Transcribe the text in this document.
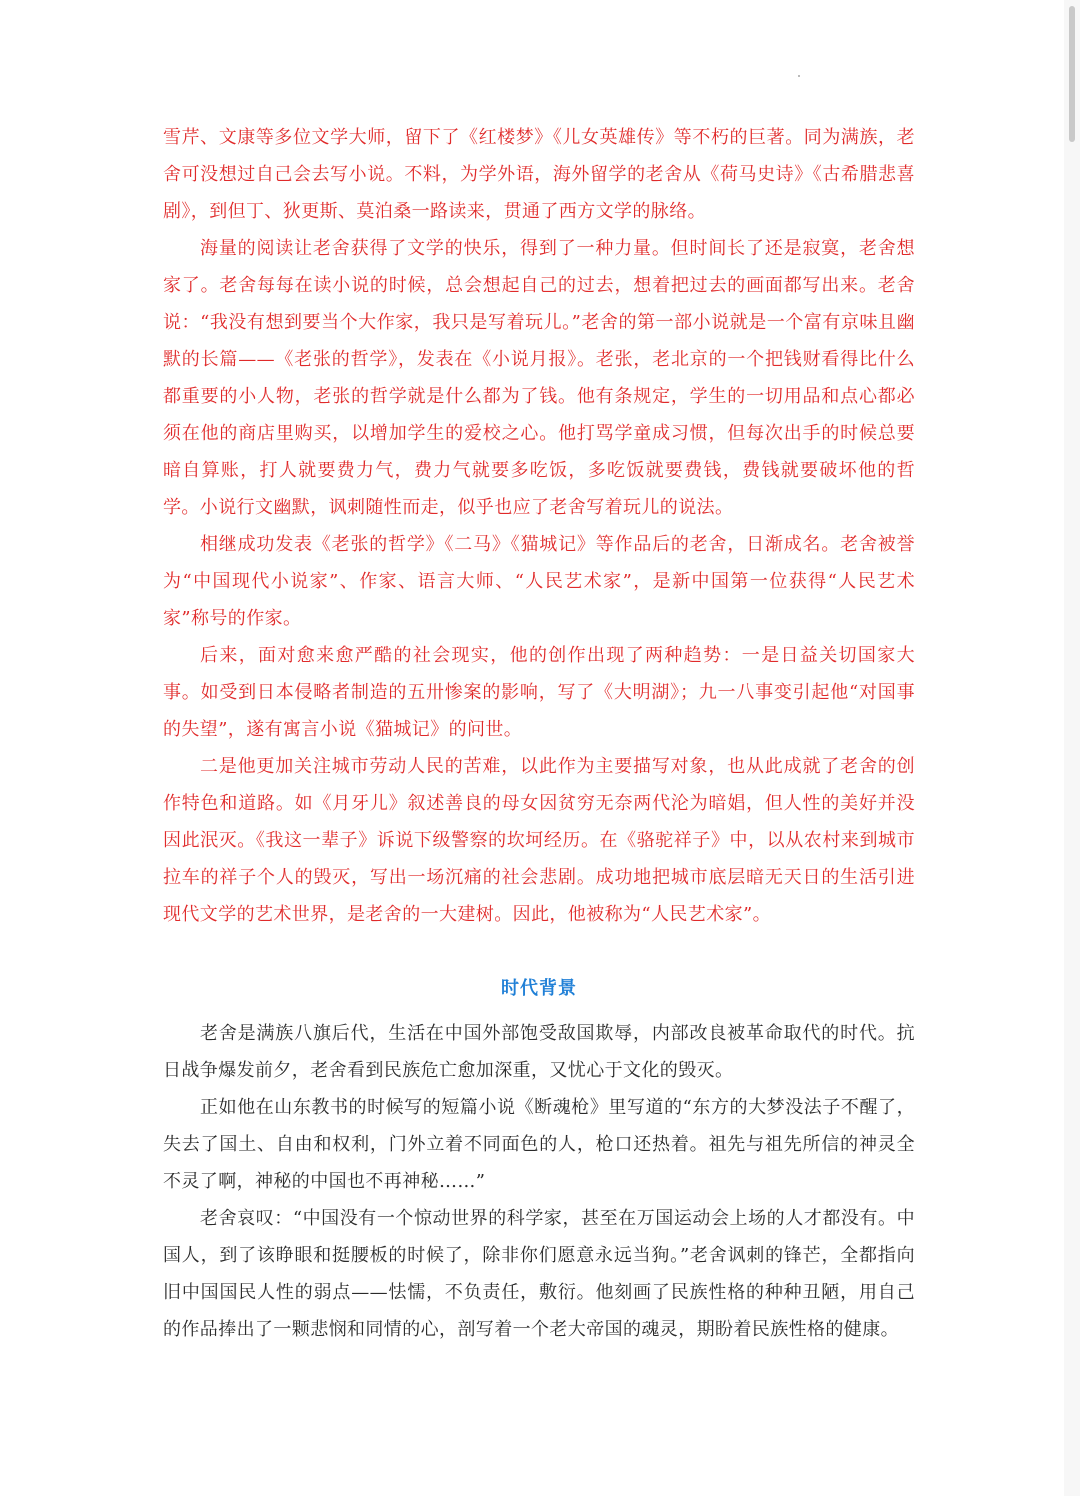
雪芹、文康等多位文学大师，留下了《红楼梦》《儿女英雄传》等不朽的巨著。同为满族，老舍可没想过自己会去写小说。不料，为学外语，海外留学的老舍从《荷马史诗》《古希腊悲喜剧》，到但丁、狄更斯、莫泊桑一路读来，贯通了西方文学的脉络。

海量的阅读让老舍获得了文学的快乐，得到了一种力量。但时间长了还是寂寞，老舍想家了。老舍每每在读小说的时候，总会想起自己的过去，想着把过去的画面都写出来。老舍说：“我没有想到要当个大作家，我只是写着玩儿。”老舍的第一部小说就是一个富有京味且幽默的长篇——《老张的哲学》，发表在《小说月报》。老张，老北京的一个把钱财看得比什么都重要的小人物，老张的哲学就是什么都为了钱。他有条规定，学生的一切用品和点心都必须在他的商店里购买，以增加学生的爱校之心。他打骂学童成习惯，但每次出手的时候总要暗自算账，打人就要费力气，费力气就要多吃饭，多吃饭就要费钱，费钱就要破坏他的哲学。小说行文幽默，讽刺随性而走，似乎也应了老舍写着玩儿的说法。

相继成功发表《老张的哲学》《二马》《猫城记》等作品后的老舍，日渐成名。老舍被誉为“中国现代小说家”、作家、语言大师、“人民艺术家”，是新中国第一位获得“人民艺术家”称号的作家。

后来，面对愈来愈严酷的社会现实，他的创作出现了两种趋势：一是日益关切国家大事。如受到日本侵略者制造的五卅惨案的影响，写了《大明湖》；九一八事变引起他“对国事的失望”，遂有寓言小说《猫城记》的问世。

二是他更加关注城市劳动人民的苦难，以此作为主要描写对象，也从此成就了老舍的创作特色和道路。如《月牙儿》叙述善良的母女因贫穷无奈两代沦为暗娼，但人性的美好并没因此泯灭。《我这一辈子》诉说下级警察的坎坷经历。在《骆驼祥子》中，以从农村来到城市拉车的祥子个人的毁灭，写出一场沉痛的社会悲剧。成功地把城市底层暗无天日的生活引进现代文学的艺术世界，是老舍的一大建树。因此，他被称为“人民艺术家”。

时代背景

老舍是满族八旗后代，生活在中国外部饱受敌国欺辱，内部改良被革命取代的时代。抗日战争爆发前夕，老舍看到民族危亡愈加深重，又忧心于文化的毁灭。

正如他在山东教书的时候写的短篇小说《断魂枪》里写道的“东方的大梦没法子不醒了，失去了国土、自由和权利，门外立着不同面色的人，枪口还热着。祖先与祖先所信的神灵全不灵了啊，神秘的中国也不再神秘……”

老舍哀叹：“中国没有一个惊动世界的科学家，甚至在万国运动会上场的人才都没有。中国人，到了该睁眼和挺腰板的时候了，除非你们愿意永远当狗。”老舍讽刺的锋芒，全都指向旧中国国民人性的弱点——怯懦，不负责任，敷衍。他刻画了民族性格的种种丑陋，用自己的作品捧出了一颗悲悯和同情的心，剖写着一个老大帝国的魂灵，期盼着民族性格的健康。
